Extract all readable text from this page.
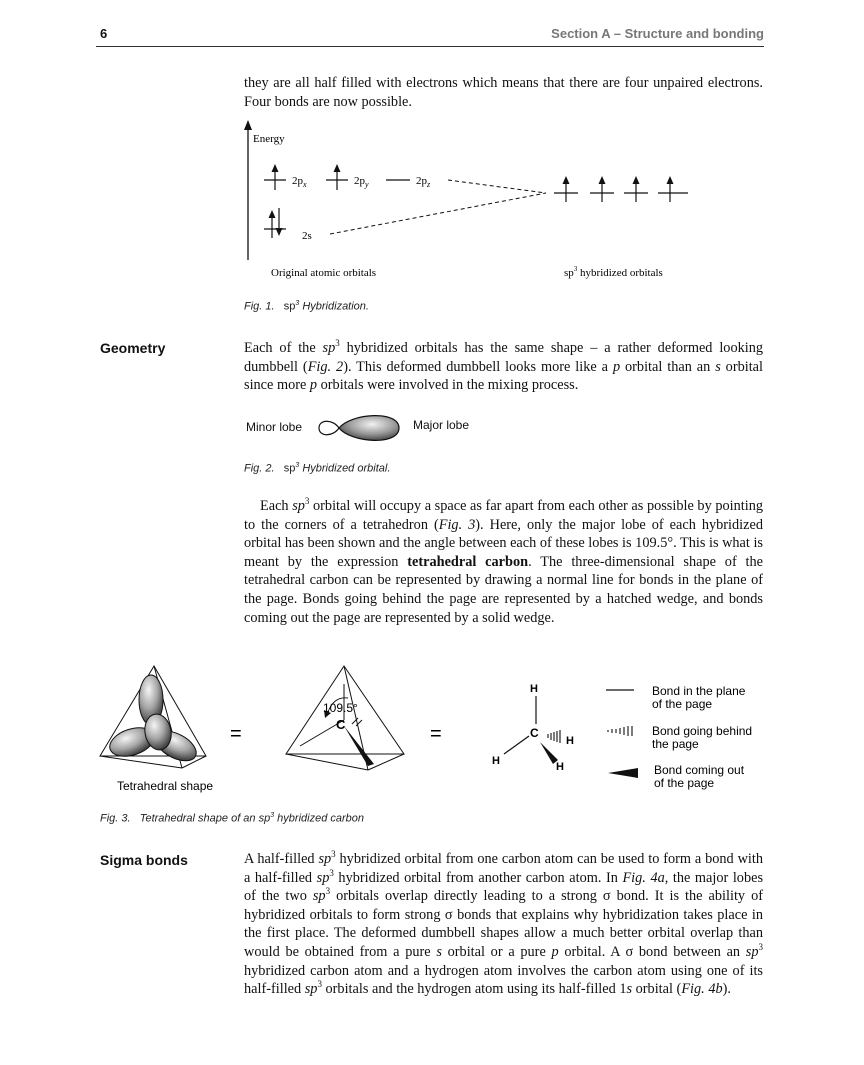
6	Section A – Structure and bonding
they are all half filled with electrons which means that there are four unpaired electrons. Four bonds are now possible.
Energy
$2p_x$	$2p_y$	$2p_z$
2s
Original atomic orbitals	$sp^3$ hybridized orbitals
Fig. 1. $sp^3$ Hybridization.
Geometry	Each of the $sp^3$ hybridized orbitals has the same shape – a rather deformed looking dumbbell (Fig. 2). This deformed dumbbell looks more like a p orbital than an s orbital since more p orbitals were involved in the mixing process.
Minor lobe	Major lobe
Fig. 2. $sp^3$ Hybridized orbital.
Each $sp^3$ orbital will occupy a space as far apart from each other as possible by pointing to the corners of a tetrahedron (Fig. 3). Here, only the major lobe of each hybridized orbital has been shown and the angle between each of these lobes is 109.5°. This is what is meant by the expression tetrahedral carbon. The three-dimensional shape of the tetrahedral carbon can be represented by drawing a normal line for bonds in the plane of the page. Bonds going behind the page are represented by a hatched wedge, and bonds coming out the page are represented by a solid wedge.
Tetrahedral shape
=
109.5°
C	=
H
C
H
H
H
Bond in the plane
of the page
Bond going behind
the page
Bond coming out
of the page
Fig. 3. Tetrahedral shape of an $sp^3$ hybridized carbon
Sigma bonds	A half-filled $sp^3$ hybridized orbital from one carbon atom can be used to form a bond with a half-filled $sp^3$ hybridized orbital from another carbon atom. In Fig. 4a, the major lobes of the two $sp^3$ orbitals overlap directly leading to a strong σ bond. It is the ability of hybridized orbitals to form strong σ bonds that explains why hybridization takes place in the first place. The deformed dumbbell shapes allow a much better orbital overlap than would be obtained from a pure s orbital or a pure p orbital. A σ bond between an $sp^3$ hybridized carbon atom and a hydrogen atom involves the carbon atom using one of its half-filled $sp^3$ orbitals and the hydrogen atom using its half-filled 1s orbital (Fig. 4b).
